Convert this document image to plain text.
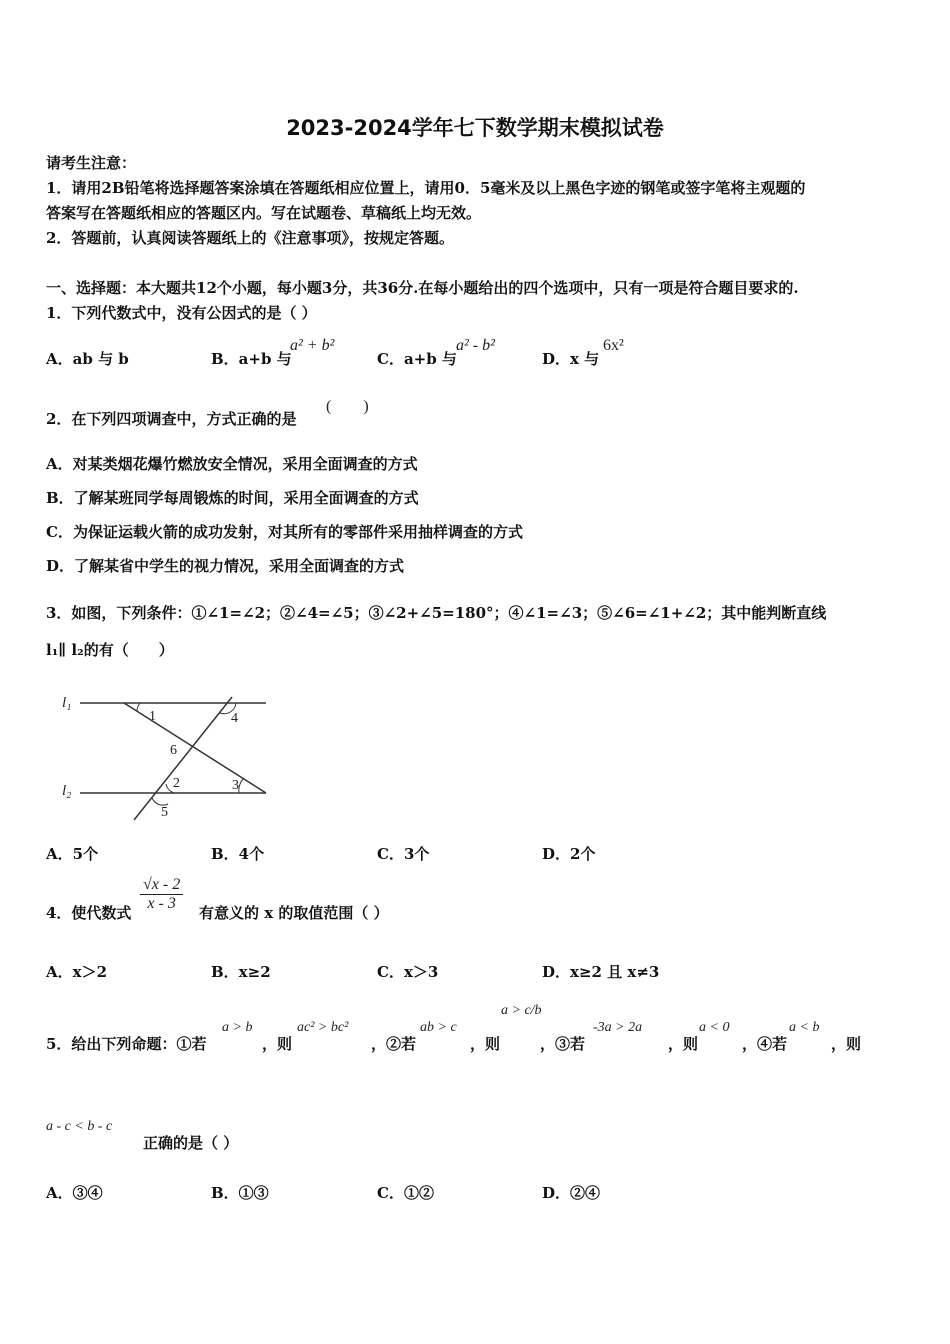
2023-2024学年七下数学期末模拟试卷
请考生注意：
1．请用2B铅笔将选择题答案涂填在答题纸相应位置上，请用0．5毫米及以上黑色字迹的钢笔或签字笔将主观题的
答案写在答题纸相应的答题区内。写在试题卷、草稿纸上均无效。
2．答题前，认真阅读答题纸上的《注意事项》，按规定答题。
一、选择题：本大题共12个小题，每小题3分，共36分.在每小题给出的四个选项中，只有一项是符合题目要求的.
1．下列代数式中，没有公因式的是（ ）
A．ab 与 b	B．a+b 与
a² + b²
C．a+b 与
a² - b²
D．x 与
6x²
2．在下列四项调查中，方式正确的是
(　　)
A．对某类烟花爆竹燃放安全情况，采用全面调查的方式
B．了解某班同学每周锻炼的时间，采用全面调查的方式
C．为保证运载火箭的成功发射，对其所有的零部件采用抽样调查的方式
D．了解某省中学生的视力情况，采用全面调查的方式
3．如图，下列条件：①∠1=∠2；②∠4=∠5；③∠2+∠5=180°；④∠1=∠3；⑤∠6=∠1+∠2；其中能判断直线
l₁∥ l₂的有（　　）
l₁
l₂
1	4
6
2	3
5
A．5个	B．4个	C．3个	D．2个
4．使代数式 $\frac{√x - 2}{x - 3}$ 有意义的 x 的取值范围（ ）
A．x＞2	B．x≥2	C．x＞3	D．x≥2 且 x≠3
5．给出下列命题：①若
a > b
，则
ac² > bc²
，②若
ab > c
，则
a > c/b
，③若
-3a > 2a
，则
a < 0
，④若
a < b
，则
a - c < b - c
正确的是（ ）
A．③④	B．①③	C．①②	D．②④
